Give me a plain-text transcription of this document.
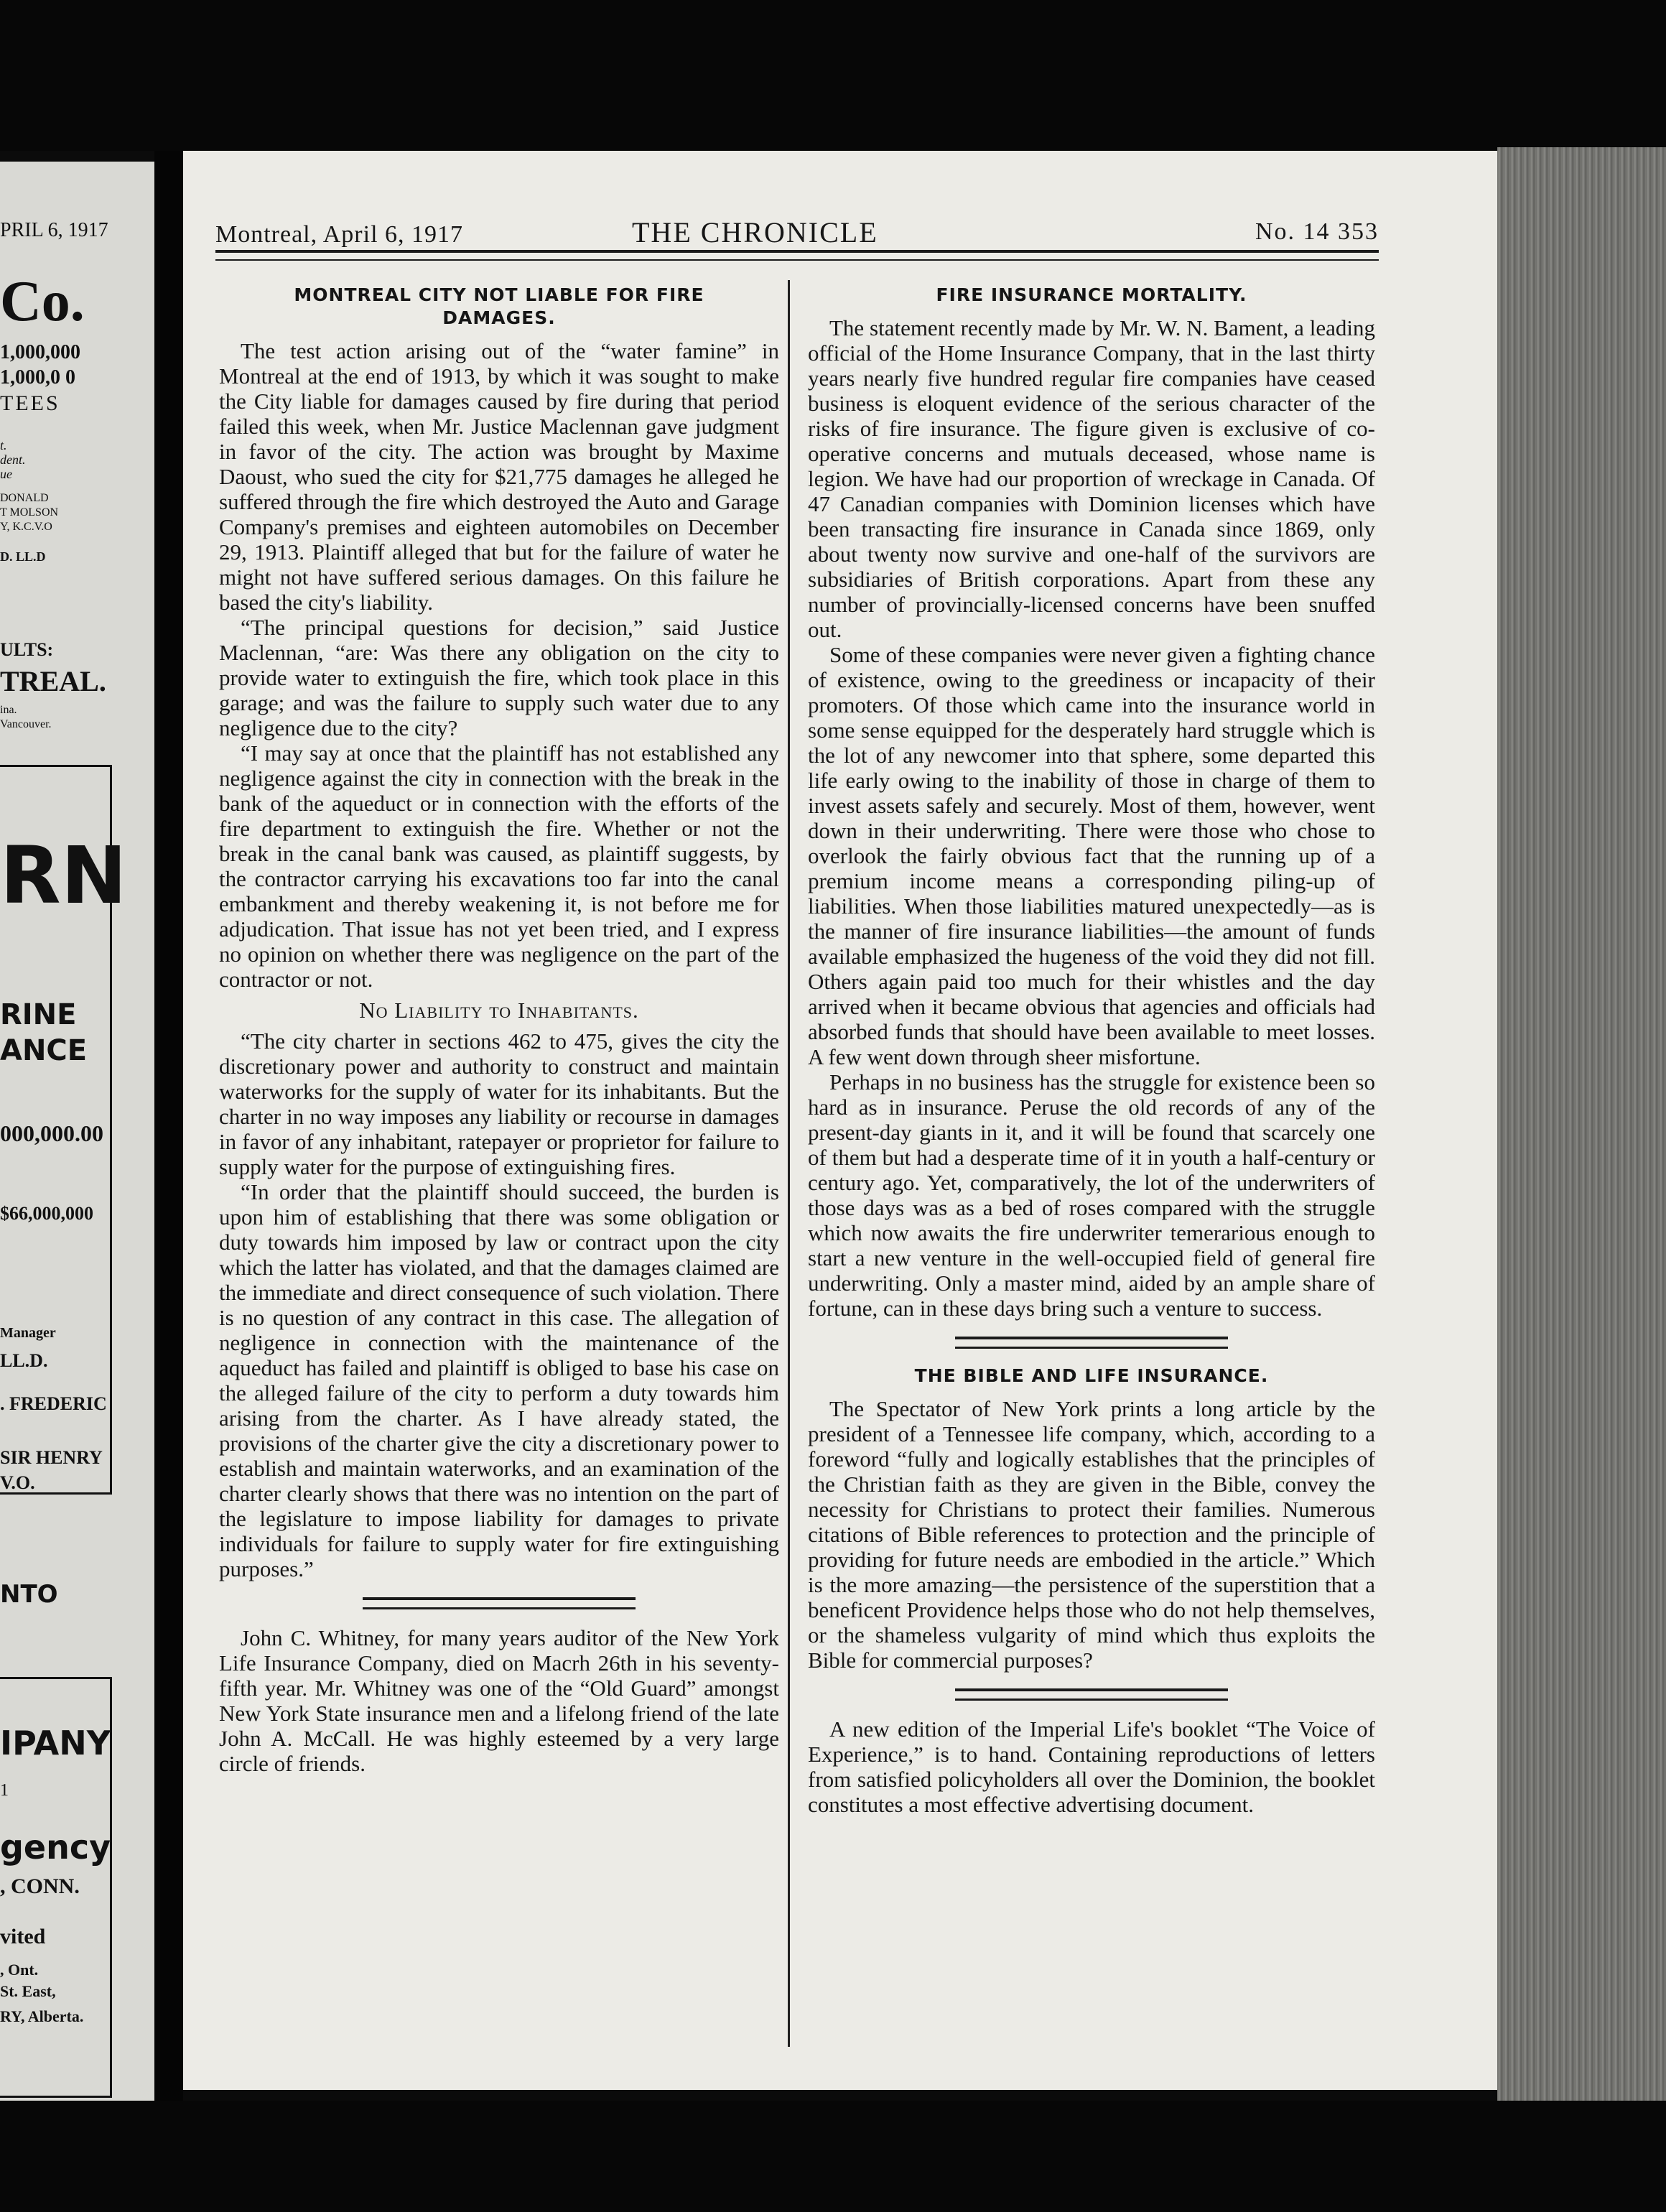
PRIL 6, 1917
Co.
1,000,000
1,000,0 0
TEES
t.
dent.
ue
DONALD
T MOLSON
Y, K.C.V.O
D. LL.D
ULTS:
TREAL.
ina.
Vancouver.
RN
RINE
ANCE
000,000.00
$66,000,000
Manager
LL.D.
. FREDERIC
SIR HENRY
V.O.
NTO
IPANY
1
gency
, CONN.
vited
, Ont.
St. East,
RY, Alberta.
Montreal, April 6, 1917	THE CHRONICLE	No. 14 353
MONTREAL CITY NOT LIABLE FOR FIRE DAMAGES.

The test action arising out of the “water famine” in Montreal at the end of 1913, by which it was sought to make the City liable for damages caused by fire during that period failed this week, when Mr. Justice Maclennan gave judgment in favor of the city. The action was brought by Maxime Daoust, who sued the city for $21,775 damages he alleged he suffered through the fire which destroyed the Auto and Garage Company's premises and eighteen automobiles on December 29, 1913. Plaintiff alleged that but for the failure of water he might not have suffered serious damages. On this failure he based the city's liability.

“The principal questions for decision,” said Justice Maclennan, “are: Was there any obligation on the city to provide water to extinguish the fire, which took place in this garage; and was the failure to supply such water due to any negligence due to the city?

“I may say at once that the plaintiff has not established any negligence against the city in connection with the break in the bank of the aqueduct or in connection with the efforts of the fire department to extinguish the fire. Whether or not the break in the canal bank was caused, as plaintiff suggests, by the contractor carrying his excavations too far into the canal embankment and thereby weakening it, is not before me for adjudication. That issue has not yet been tried, and I express no opinion on whether there was negligence on the part of the contractor or not.

No Liability to Inhabitants.

“The city charter in sections 462 to 475, gives the city the discretionary power and authority to construct and maintain waterworks for the supply of water for its inhabitants. But the charter in no way imposes any liability or recourse in damages in favor of any inhabitant, ratepayer or proprietor for failure to supply water for the purpose of extinguishing fires.

“In order that the plaintiff should succeed, the burden is upon him of establishing that there was some obligation or duty towards him imposed by law or contract upon the city which the latter has violated, and that the damages claimed are the immediate and direct consequence of such violation. There is no question of any contract in this case. The allegation of negligence in connection with the maintenance of the aqueduct has failed and plaintiff is obliged to base his case on the alleged failure of the city to perform a duty towards him arising from the charter. As I have already stated, the provisions of the charter give the city a discretionary power to establish and maintain waterworks, and an examination of the charter clearly shows that there was no intention on the part of the legislature to impose liability for damages to private individuals for failure to supply water for fire extinguishing purposes.”

John C. Whitney, for many years auditor of the New York Life Insurance Company, died on Macrh 26th in his seventy-fifth year. Mr. Whitney was one of the “Old Guard” amongst New York State insurance men and a lifelong friend of the late John A. McCall. He was highly esteemed by a very large circle of friends.

FIRE INSURANCE MORTALITY.

The statement recently made by Mr. W. N. Bament, a leading official of the Home Insurance Company, that in the last thirty years nearly five hundred regular fire companies have ceased business is eloquent evidence of the serious character of the risks of fire insurance. The figure given is exclusive of co-operative concerns and mutuals deceased, whose name is legion. We have had our proportion of wreckage in Canada. Of 47 Canadian companies with Dominion licenses which have been transacting fire insurance in Canada since 1869, only about twenty now survive and one-half of the survivors are subsidiaries of British corporations. Apart from these any number of provincially-licensed concerns have been snuffed out.

Some of these companies were never given a fighting chance of existence, owing to the greediness or incapacity of their promoters. Of those which came into the insurance world in some sense equipped for the desperately hard struggle which is the lot of any newcomer into that sphere, some departed this life early owing to the inability of those in charge of them to invest assets safely and securely. Most of them, however, went down in their underwriting. There were those who chose to overlook the fairly obvious fact that the running up of a premium income means a corresponding piling-up of liabilities. When those liabilities matured unexpectedly—as is the manner of fire insurance liabilities—the amount of funds available emphasized the hugeness of the void they did not fill. Others again paid too much for their whistles and the day arrived when it became obvious that agencies and officials had absorbed funds that should have been available to meet losses. A few went down through sheer misfortune.

Perhaps in no business has the struggle for existence been so hard as in insurance. Peruse the old records of any of the present-day giants in it, and it will be found that scarcely one of them but had a desperate time of it in youth a half-century or century ago. Yet, comparatively, the lot of the underwriters of those days was as a bed of roses compared with the struggle which now awaits the fire underwriter temerarious enough to start a new venture in the well-occupied field of general fire underwriting. Only a master mind, aided by an ample share of fortune, can in these days bring such a venture to success.

THE BIBLE AND LIFE INSURANCE.

The Spectator of New York prints a long article by the president of a Tennessee life company, which, according to a foreword “fully and logically establishes that the principles of the Christian faith as they are given in the Bible, convey the necessity for Christians to protect their families. Numerous citations of Bible references to protection and the principle of providing for future needs are embodied in the article.” Which is the more amazing—the persistence of the superstition that a beneficent Providence helps those who do not help themselves, or the shameless vulgarity of mind which thus exploits the Bible for commercial purposes?

A new edition of the Imperial Life's booklet “The Voice of Experience,” is to hand. Containing reproductions of letters from satisfied policyholders all over the Dominion, the booklet constitutes a most effective advertising document.
